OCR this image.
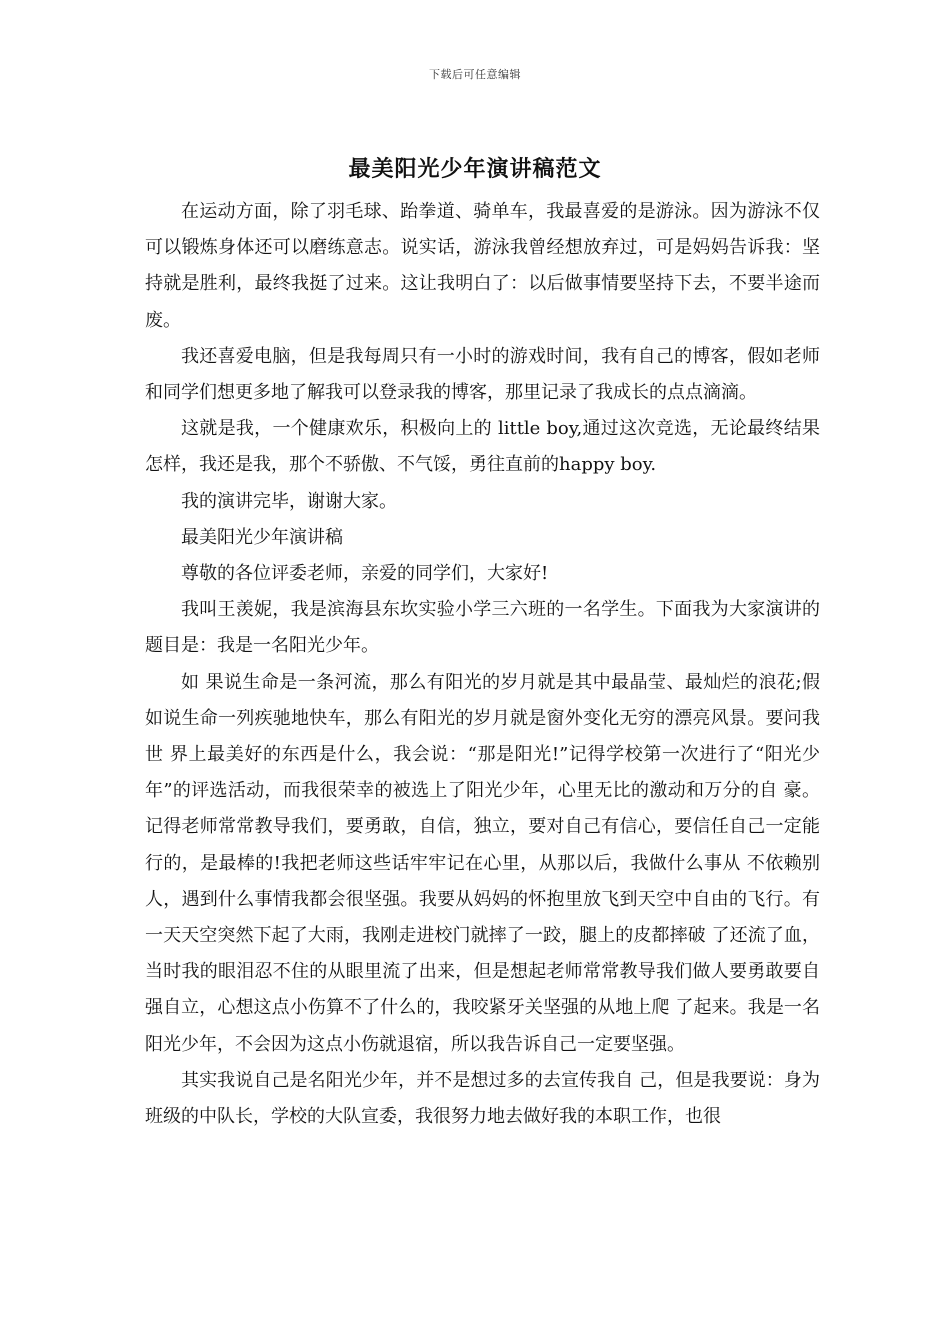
下载后可任意编辑
最美阳光少年演讲稿范文

在运动方面，除了羽毛球、跆拳道、骑单车，我最喜爱的是游泳。因为游泳不仅可以锻炼身体还可以磨练意志。说实话，游泳我曾经想放弃过，可是妈妈告诉我：坚持就是胜利，最终我挺了过来。这让我明白了：以后做事情要坚持下去，不要半途而废。

我还喜爱电脑，但是我每周只有一小时的游戏时间，我有自己的博客，假如老师和同学们想更多地了解我可以登录我的博客，那里记录了我成长的点点滴滴。

这就是我，一个健康欢乐，积极向上的 little boy,通过这次竞选，无论最终结果怎样，我还是我，那个不骄傲、不气馁，勇往直前的happy boy.

我的演讲完毕，谢谢大家。

最美阳光少年演讲稿

尊敬的各位评委老师，亲爱的同学们，大家好!

我叫王羡妮，我是滨海县东坎实验小学三六班的一名学生。下面我为大家演讲的题目是：我是一名阳光少年。

如 果说生命是一条河流，那么有阳光的岁月就是其中最晶莹、最灿烂的浪花;假如说生命一列疾驰地快车，那么有阳光的岁月就是窗外变化无穷的漂亮风景。要问我世 界上最美好的东西是什么，我会说：“那是阳光!”记得学校第一次进行了“阳光少年”的评选活动，而我很荣幸的被选上了阳光少年，心里无比的激动和万分的自 豪。记得老师常常教导我们，要勇敢，自信，独立，要对自己有信心，要信任自己一定能行的，是最棒的!我把老师这些话牢牢记在心里，从那以后，我做什么事从 不依赖别人，遇到什么事情我都会很坚强。我要从妈妈的怀抱里放飞到天空中自由的飞行。有一天天空突然下起了大雨，我刚走进校门就摔了一跤，腿上的皮都摔破 了还流了血，当时我的眼泪忍不住的从眼里流了出来，但是想起老师常常教导我们做人要勇敢要自强自立，心想这点小伤算不了什么的，我咬紧牙关坚强的从地上爬 了起来。我是一名阳光少年，不会因为这点小伤就退宿，所以我告诉自己一定要坚强。

其实我说自己是名阳光少年，并不是想过多的去宣传我自 己，但是我要说：身为班级的中队长，学校的大队宣委，我很努力地去做好我的本职工作，也很
